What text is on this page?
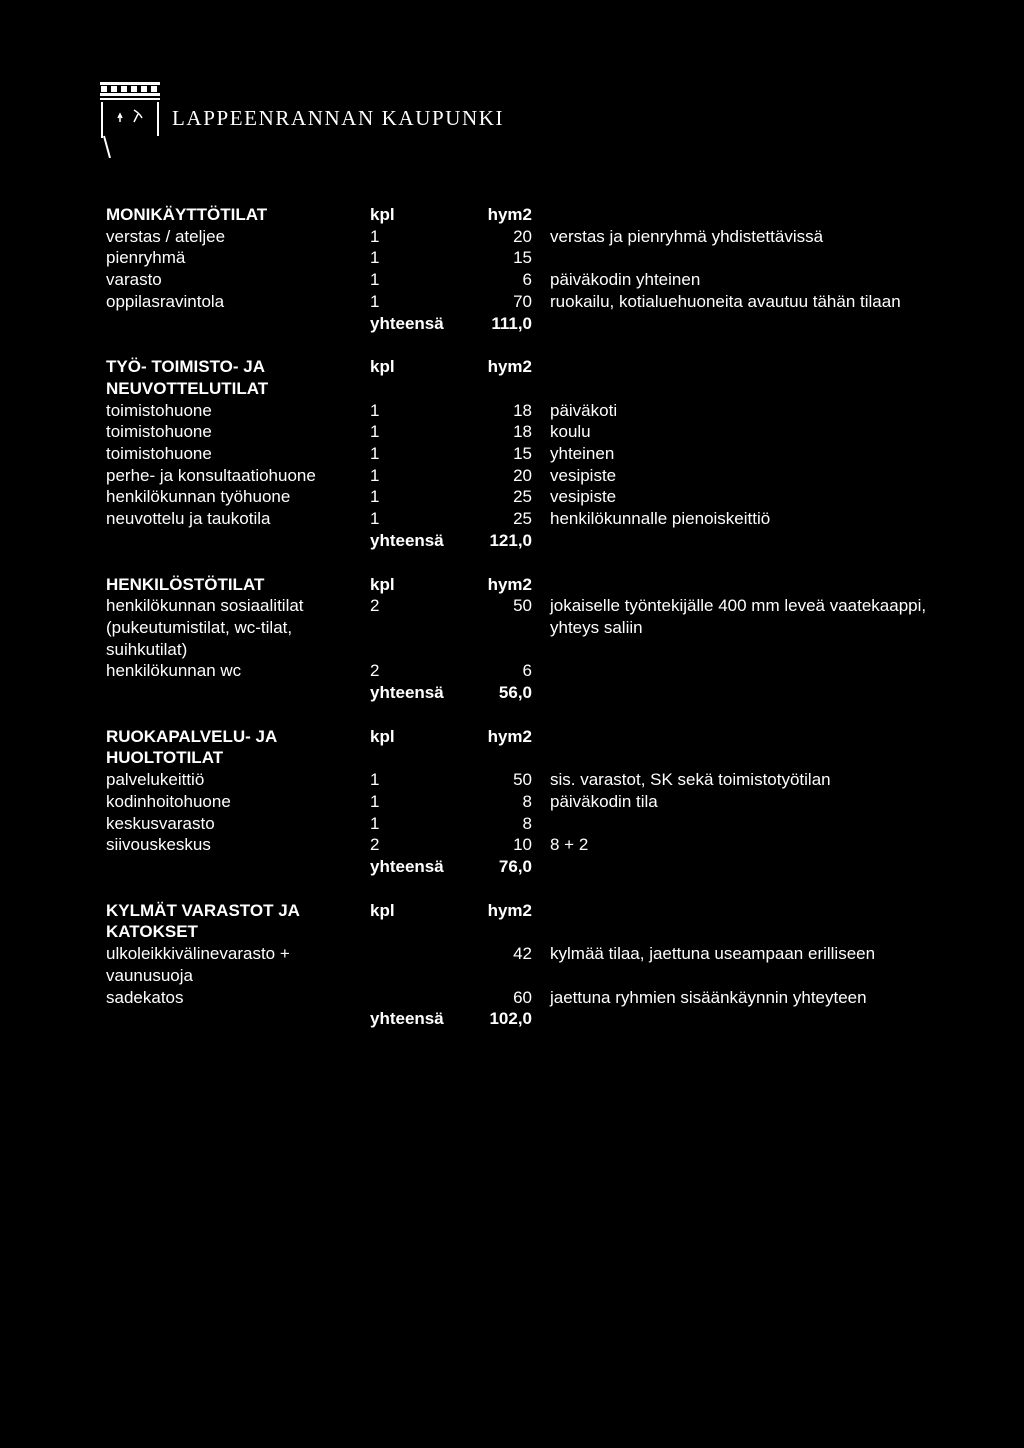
LAPPEENRANNAN KAUPUNKI
MONIKÄYTTÖTILAT	kpl	hym2		
verstas / ateljee	1	20		verstas ja pienryhmä yhdistettävissä
pienryhmä	1	15		
varasto	1	6		päiväkodin yhteinen
oppilasravintola	1	70		ruokailu, kotialuehuoneita avautuu tähän tilaan
	yhteensä	111,0		

TYÖ- TOIMISTO- JA NEUVOTTELUTILAT	kpl	hym2		
toimistohuone	1	18		päiväkoti
toimistohuone	1	18		koulu
toimistohuone	1	15		yhteinen
perhe- ja konsultaatiohuone	1	20		vesipiste
henkilökunnan työhuone	1	25		vesipiste
neuvottelu ja taukotila	1	25		henkilökunnalle pienoiskeittiö
	yhteensä	121,0		

HENKILÖSTÖTILAT	kpl	hym2		
henkilökunnan sosiaalitilat (pukeutumistilat, wc-tilat, suihkutilat)	2	50		jokaiselle työntekijälle 400 mm leveä vaatekaappi, yhteys saliin
henkilökunnan wc	2	6		
	yhteensä	56,0		

RUOKAPALVELU- JA HUOLTOTILAT	kpl	hym2		
palvelukeittiö	1	50		sis. varastot, SK sekä toimistotyötilan
kodinhoitohuone	1	8		päiväkodin tila
keskusvarasto	1	8		
siivouskeskus	2	10		8 + 2
	yhteensä	76,0		

KYLMÄT VARASTOT JA KATOKSET	kpl	hym2		
ulkoleikkivälinevarasto + vaunusuoja		42		kylmää tilaa, jaettuna useampaan erilliseen
sadekatos		60		jaettuna ryhmien sisäänkäynnin yhteyteen
	yhteensä	102,0		
